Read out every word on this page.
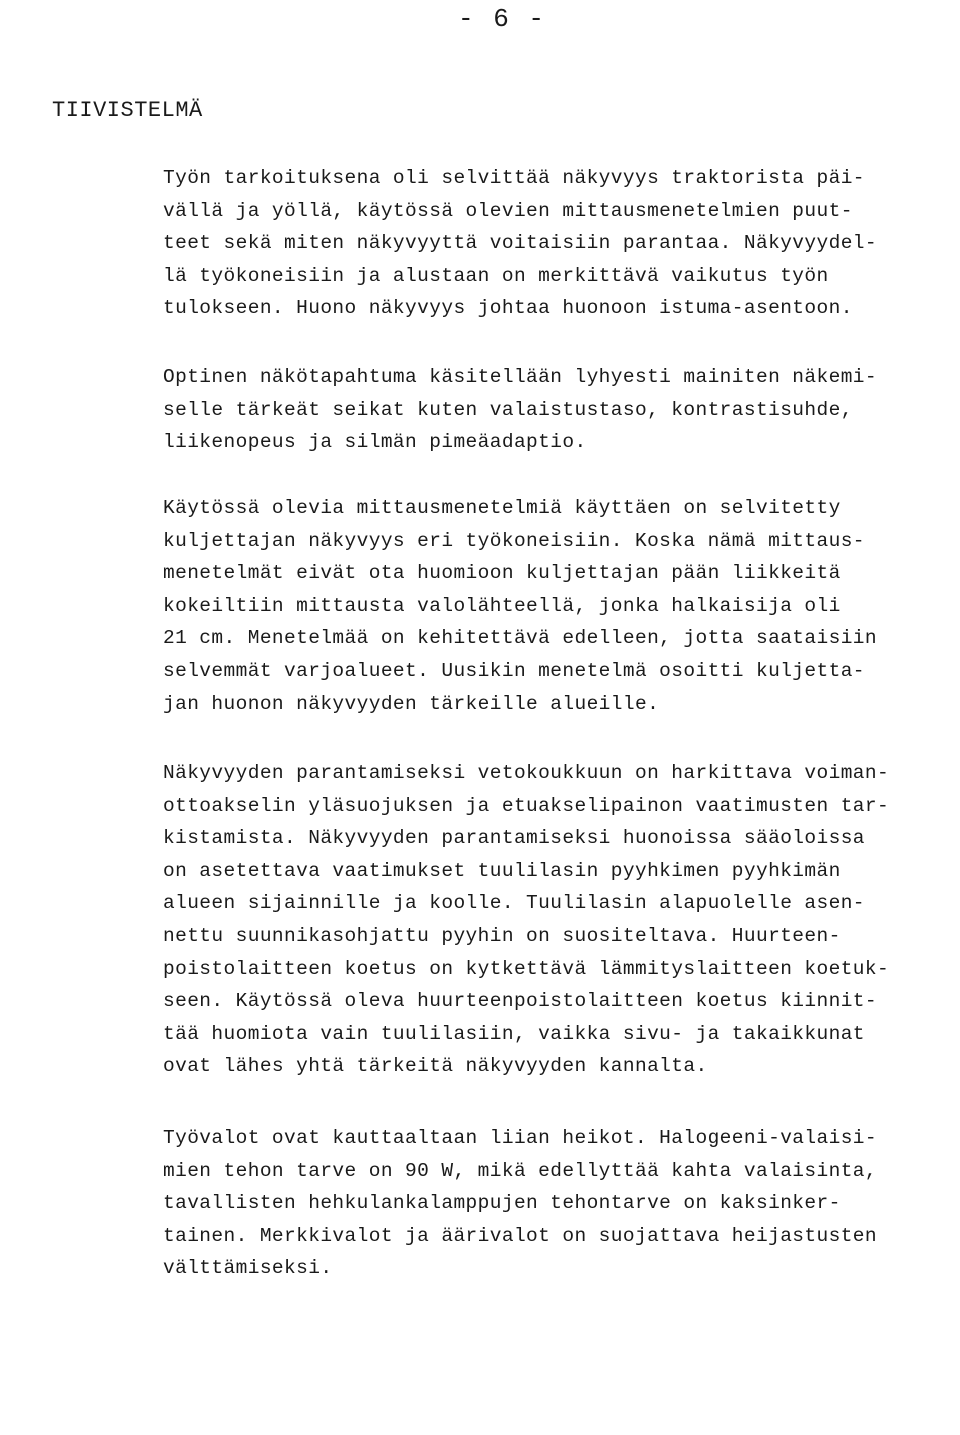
- 6 -
TIIVISTELMÄ
Työn tarkoituksena oli selvittää näkyvyys traktorista päi-
vällä ja yöllä, käytössä olevien mittausmenetelmien puut-
teet sekä miten näkyvyyttä voitaisiin parantaa. Näkyvyydel-
lä työkoneisiin ja alustaan on merkittävä vaikutus työn
tulokseen. Huono näkyvyys johtaa huonoon istuma-asentoon.
Optinen näkötapahtuma käsitellään lyhyesti mainiten näkemi-
selle tärkeät seikat kuten valaistustaso, kontrastisuhde,
liikenopeus ja silmän pimeäadaptio.
Käytössä olevia mittausmenetelmiä käyttäen on selvitetty
kuljettajan näkyvyys eri työkoneisiin. Koska nämä mittaus-
menetelmät eivät ota huomioon kuljettajan pään liikkeitä
kokeiltiin mittausta valolähteellä, jonka halkaisija oli
21 cm. Menetelmää on kehitettävä edelleen, jotta saataisiin
selvemmät varjoalueet. Uusikin menetelmä osoitti kuljetta-
jan huonon näkyvyyden tärkeille alueille.
Näkyvyyden parantamiseksi vetokoukkuun on harkittava voiman-
ottoakselin yläsuojuksen ja etuakselipainon vaatimusten tar-
kistamista. Näkyvyyden parantamiseksi huonoissa sääoloissa
on asetettava vaatimukset tuulilasin pyyhkimen pyyhkimän
alueen sijainnille ja koolle. Tuulilasin alapuolelle asen-
nettu suunnikasohjattu pyyhin on suositeltava. Huurteen-
poistolaitteen koetus on kytkettävä lämmityslaitteen koetuk-
seen. Käytössä oleva huurteenpoistolaitteen koetus kiinnit-
tää huomiota vain tuulilasiin, vaikka sivu- ja takaikkunat
ovat lähes yhtä tärkeitä näkyvyyden kannalta.
Työvalot ovat kauttaaltaan liian heikot. Halogeeni-valaisi-
mien tehon tarve on 90 W, mikä edellyttää kahta valaisinta,
tavallisten hehkulankalamppujen tehontarve on kaksinker-
tainen. Merkkivalot ja äärivalot on suojattava heijastusten
välttämiseksi.
